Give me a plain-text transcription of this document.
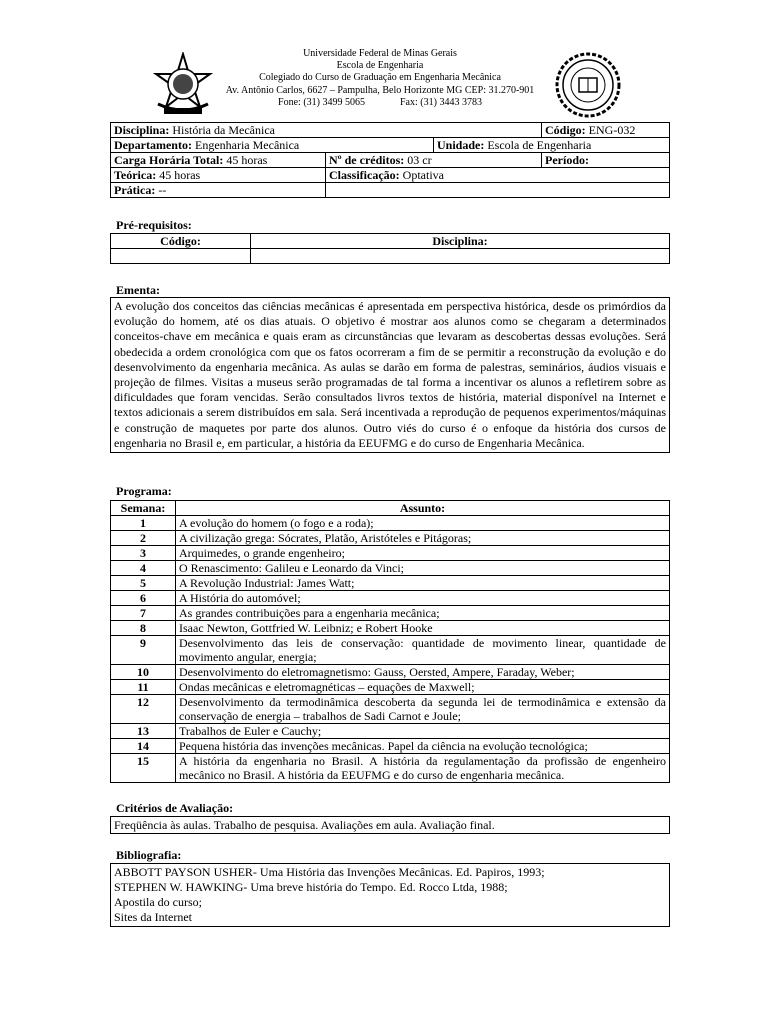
Universidade Federal de Minas Gerais
Escola de Engenharia
Colegiado do Curso de Graduação em Engenharia Mecânica
Av. Antônio Carlos, 6627 – Pampulha, Belo Horizonte MG CEP: 31.270-901
Fone: (31) 3499 5065	Fax: (31) 3443 3783
Disciplina: História da Mecânica			Código: ENG-032
Departamento: Engenharia Mecânica		Unidade: Escola de Engenharia	
Carga Horária Total: 45 horas	Nº de créditos: 03 cr		Período:
Teórica: 45 horas	Classificação: Optativa		
Prática: --			
Pré-requisitos:
Código:	Disciplina:

Ementa:
A evolução dos conceitos das ciências mecânicas é apresentada em perspectiva histórica, desde os primórdios da evolução do homem, até os dias atuais. O objetivo é mostrar aos alunos como se chegaram a determinados conceitos-chave em mecânica e quais eram as circunstâncias que levaram as descobertas dessas evoluções. Será obedecida a ordem cronológica com que os fatos ocorreram a fim de se permitir a reconstrução da evolução e do desenvolvimento da engenharia mecânica. As aulas se darão em forma de palestras, seminários, áudios visuais e projeção de filmes. Visitas a museus serão programadas de tal forma a incentivar os alunos a refletirem sobre as dificuldades que foram vencidas. Serão consultados livros textos de história, material disponível na Internet e textos adicionais a serem distribuídos em sala. Será incentivada a reprodução de pequenos experimentos/máquinas e construção de maquetes por parte dos alunos. Outro viés do curso é o enfoque da história dos cursos de engenharia no Brasil e, em particular, a história da EEUFMG e do curso de Engenharia Mecânica.
Programa:
Semana:	Assunto:
1	A evolução do homem (o fogo e a roda);
2	A civilização grega: Sócrates, Platão, Aristóteles e Pitágoras;
3	Arquimedes, o grande engenheiro;
4	O Renascimento: Galileu e Leonardo da Vinci;
5	A Revolução Industrial: James Watt;
6	A História do automóvel;
7	As grandes contribuições para a engenharia mecânica;
8	Isaac Newton, Gottfried W. Leibniz; e Robert Hooke
9	Desenvolvimento das leis de conservação: quantidade de movimento linear, quantidade de movimento angular, energia;
10	Desenvolvimento do eletromagnetismo: Gauss, Oersted, Ampere, Faraday, Weber;
11	Ondas mecânicas e eletromagnéticas – equações de Maxwell;
12	Desenvolvimento da termodinâmica descoberta da segunda lei de termodinâmica e extensão da conservação de energia – trabalhos de Sadi Carnot e Joule;
13	Trabalhos de Euler e Cauchy;
14	Pequena história das invenções mecânicas. Papel da ciência na evolução tecnológica;
15	A história da engenharia no Brasil. A história da regulamentação da profissão de engenheiro mecânico no Brasil. A história da EEUFMG e do curso de engenharia mecânica.
Critérios de Avaliação:
Freqüência às aulas. Trabalho de pesquisa. Avaliações em aula. Avaliação final.
Bibliografia:
ABBOTT PAYSON USHER- Uma História das Invenções Mecânicas. Ed. Papiros, 1993;
STEPHEN W. HAWKING- Uma breve história do Tempo. Ed. Rocco Ltda, 1988;
Apostila do curso;
Sites da Internet
